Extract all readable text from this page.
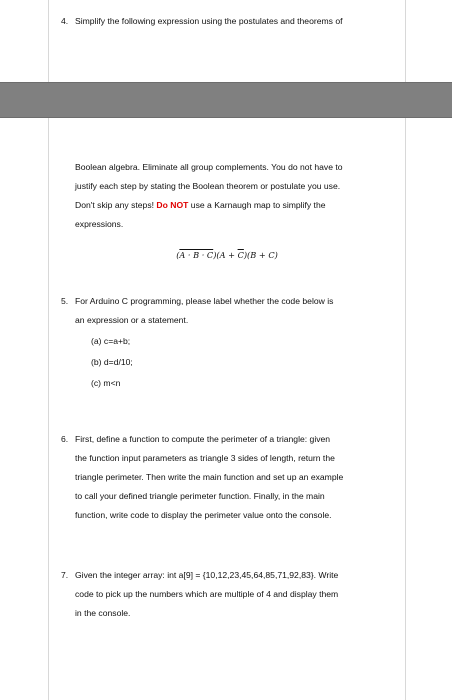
4. Simplify the following expression using the postulates and theorems of
Boolean algebra. Eliminate all group complements. You do not have to
justify each step by stating the Boolean theorem or postulate you use.
Don't skip any steps! Do NOT use a Karnaugh map to simplify the
expressions.
$(A \cdot B \cdot C)(A + \overline{C})(B + C)$
5. For Arduino C programming, please label whether the code below is
an expression or a statement.
(a) c=a+b;
(b) d=d/10;
(c) m<n
6. First, define a function to compute the perimeter of a triangle: given
the function input parameters as triangle 3 sides of length, return the
triangle perimeter. Then write the main function and set up an example
to call your defined triangle perimeter function. Finally, in the main
function, write code to display the perimeter value onto the console.
7. Given the integer array: int a[9] = {10,12,23,45,64,85,71,92,83}. Write
code to pick up the numbers which are multiple of 4 and display them
in the console.
